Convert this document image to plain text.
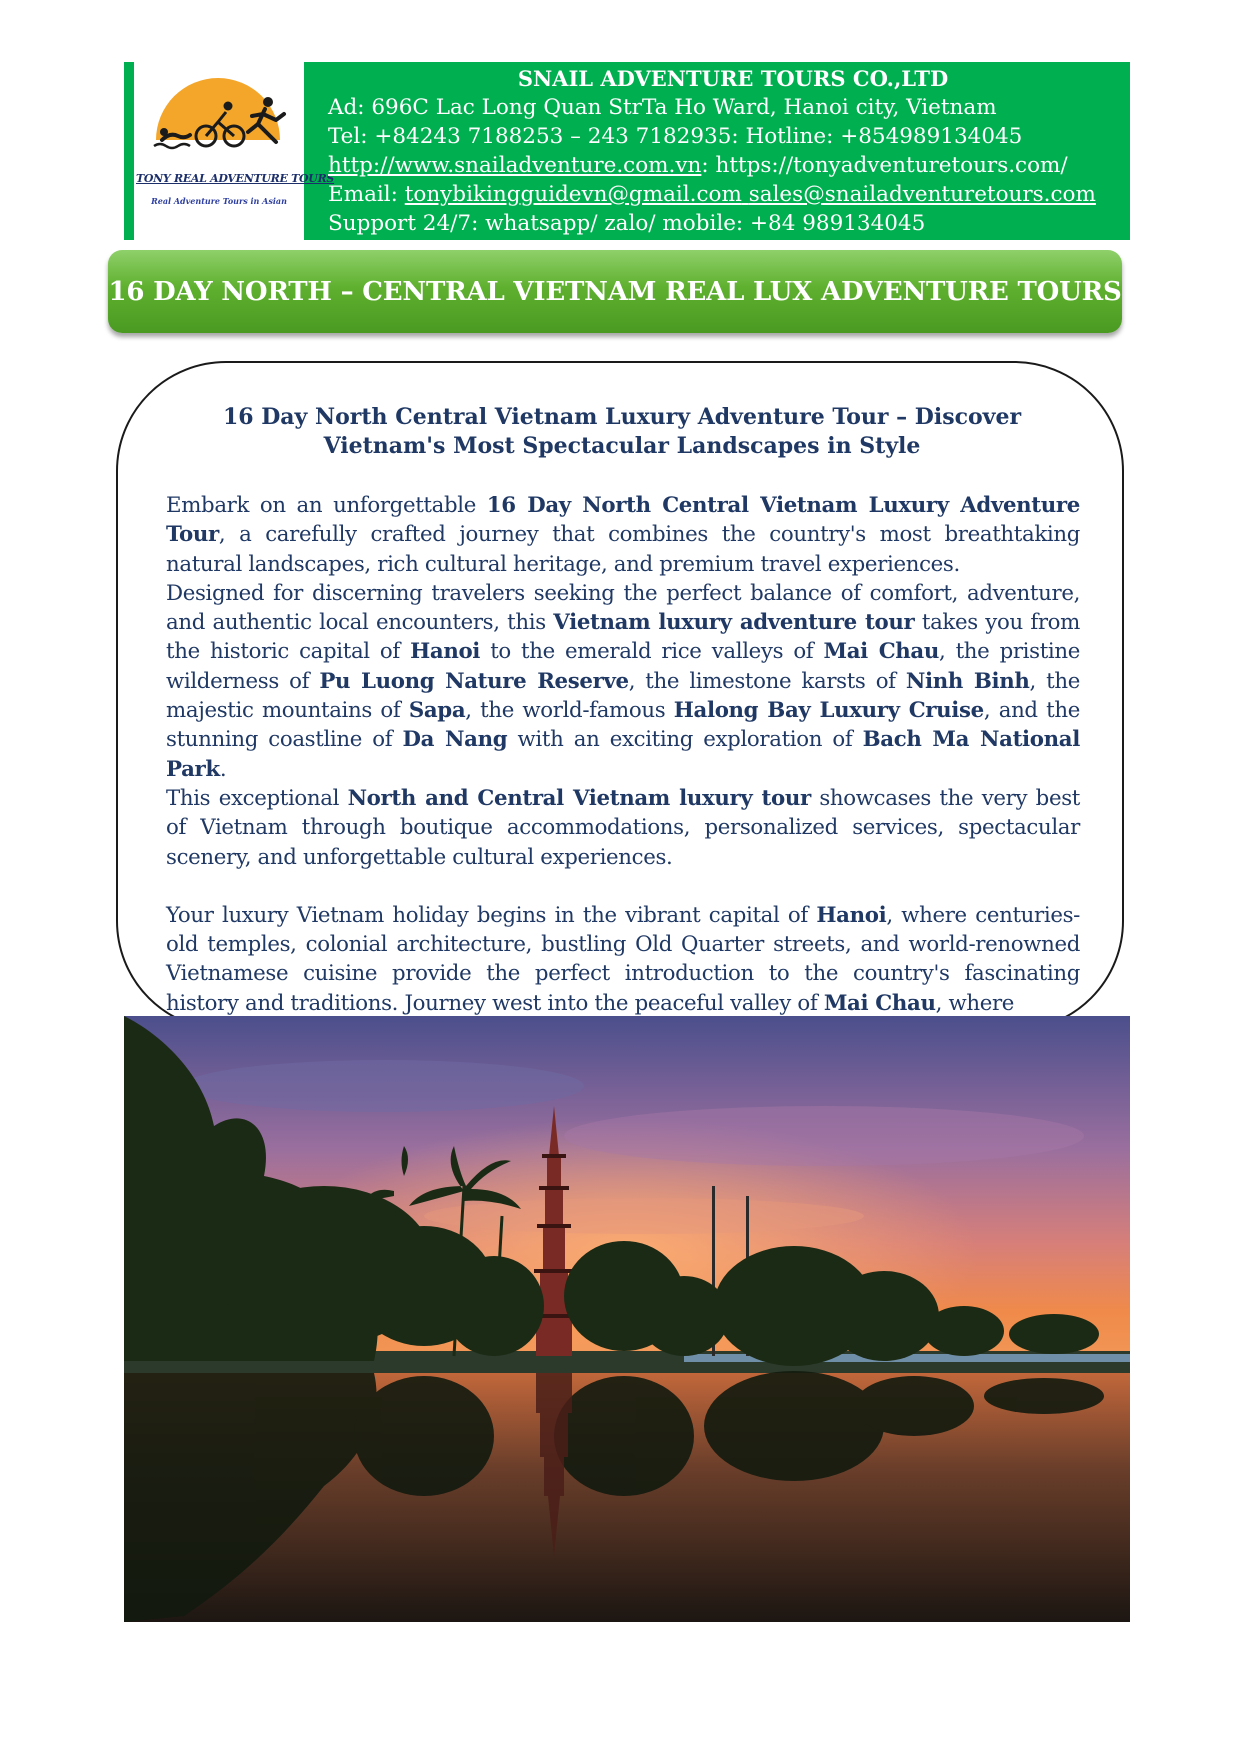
TONY REAL ADVENTURE TOURS
Real Adventure Tours in Asian
SNAIL ADVENTURE TOURS CO.,LTD
Ad: 696C Lac Long Quan StrTa Ho Ward, Hanoi city, Vietnam
Tel: +84243 7188253 – 243 7182935: Hotline: +854989134045
http://www.snailadventure.com.vn: https://tonyadventuretours.com/
Email: tonybikingguidevn@gmail.com sales@snailadventuretours.com
Support 24/7: whatsapp/ zalo/ mobile: +84 989134045
16 DAY NORTH – CENTRAL VIETNAM REAL LUX ADVENTURE TOURS
16 Day North Central Vietnam Luxury Adventure Tour – Discover Vietnam's Most Spectacular Landscapes in Style

Embark on an unforgettable 16 Day North Central Vietnam Luxury Adventure Tour, a carefully crafted journey that combines the country's most breathtaking natural landscapes, rich cultural heritage, and premium travel experiences.

Designed for discerning travelers seeking the perfect balance of comfort, adventure, and authentic local encounters, this Vietnam luxury adventure tour takes you from the historic capital of Hanoi to the emerald rice valleys of Mai Chau, the pristine wilderness of Pu Luong Nature Reserve, the limestone karsts of Ninh Binh, the majestic mountains of Sapa, the world-famous Halong Bay Luxury Cruise, and the stunning coastline of Da Nang with an exciting exploration of Bach Ma National Park.

This exceptional North and Central Vietnam luxury tour showcases the very best of Vietnam through boutique accommodations, personalized services, spectacular scenery, and unforgettable cultural experiences.

Your luxury Vietnam holiday begins in the vibrant capital of Hanoi, where centuries-old temples, colonial architecture, bustling Old Quarter streets, and world-renowned Vietnamese cuisine provide the perfect introduction to the country's fascinating history and traditions. Journey west into the peaceful valley of Mai Chau, where
